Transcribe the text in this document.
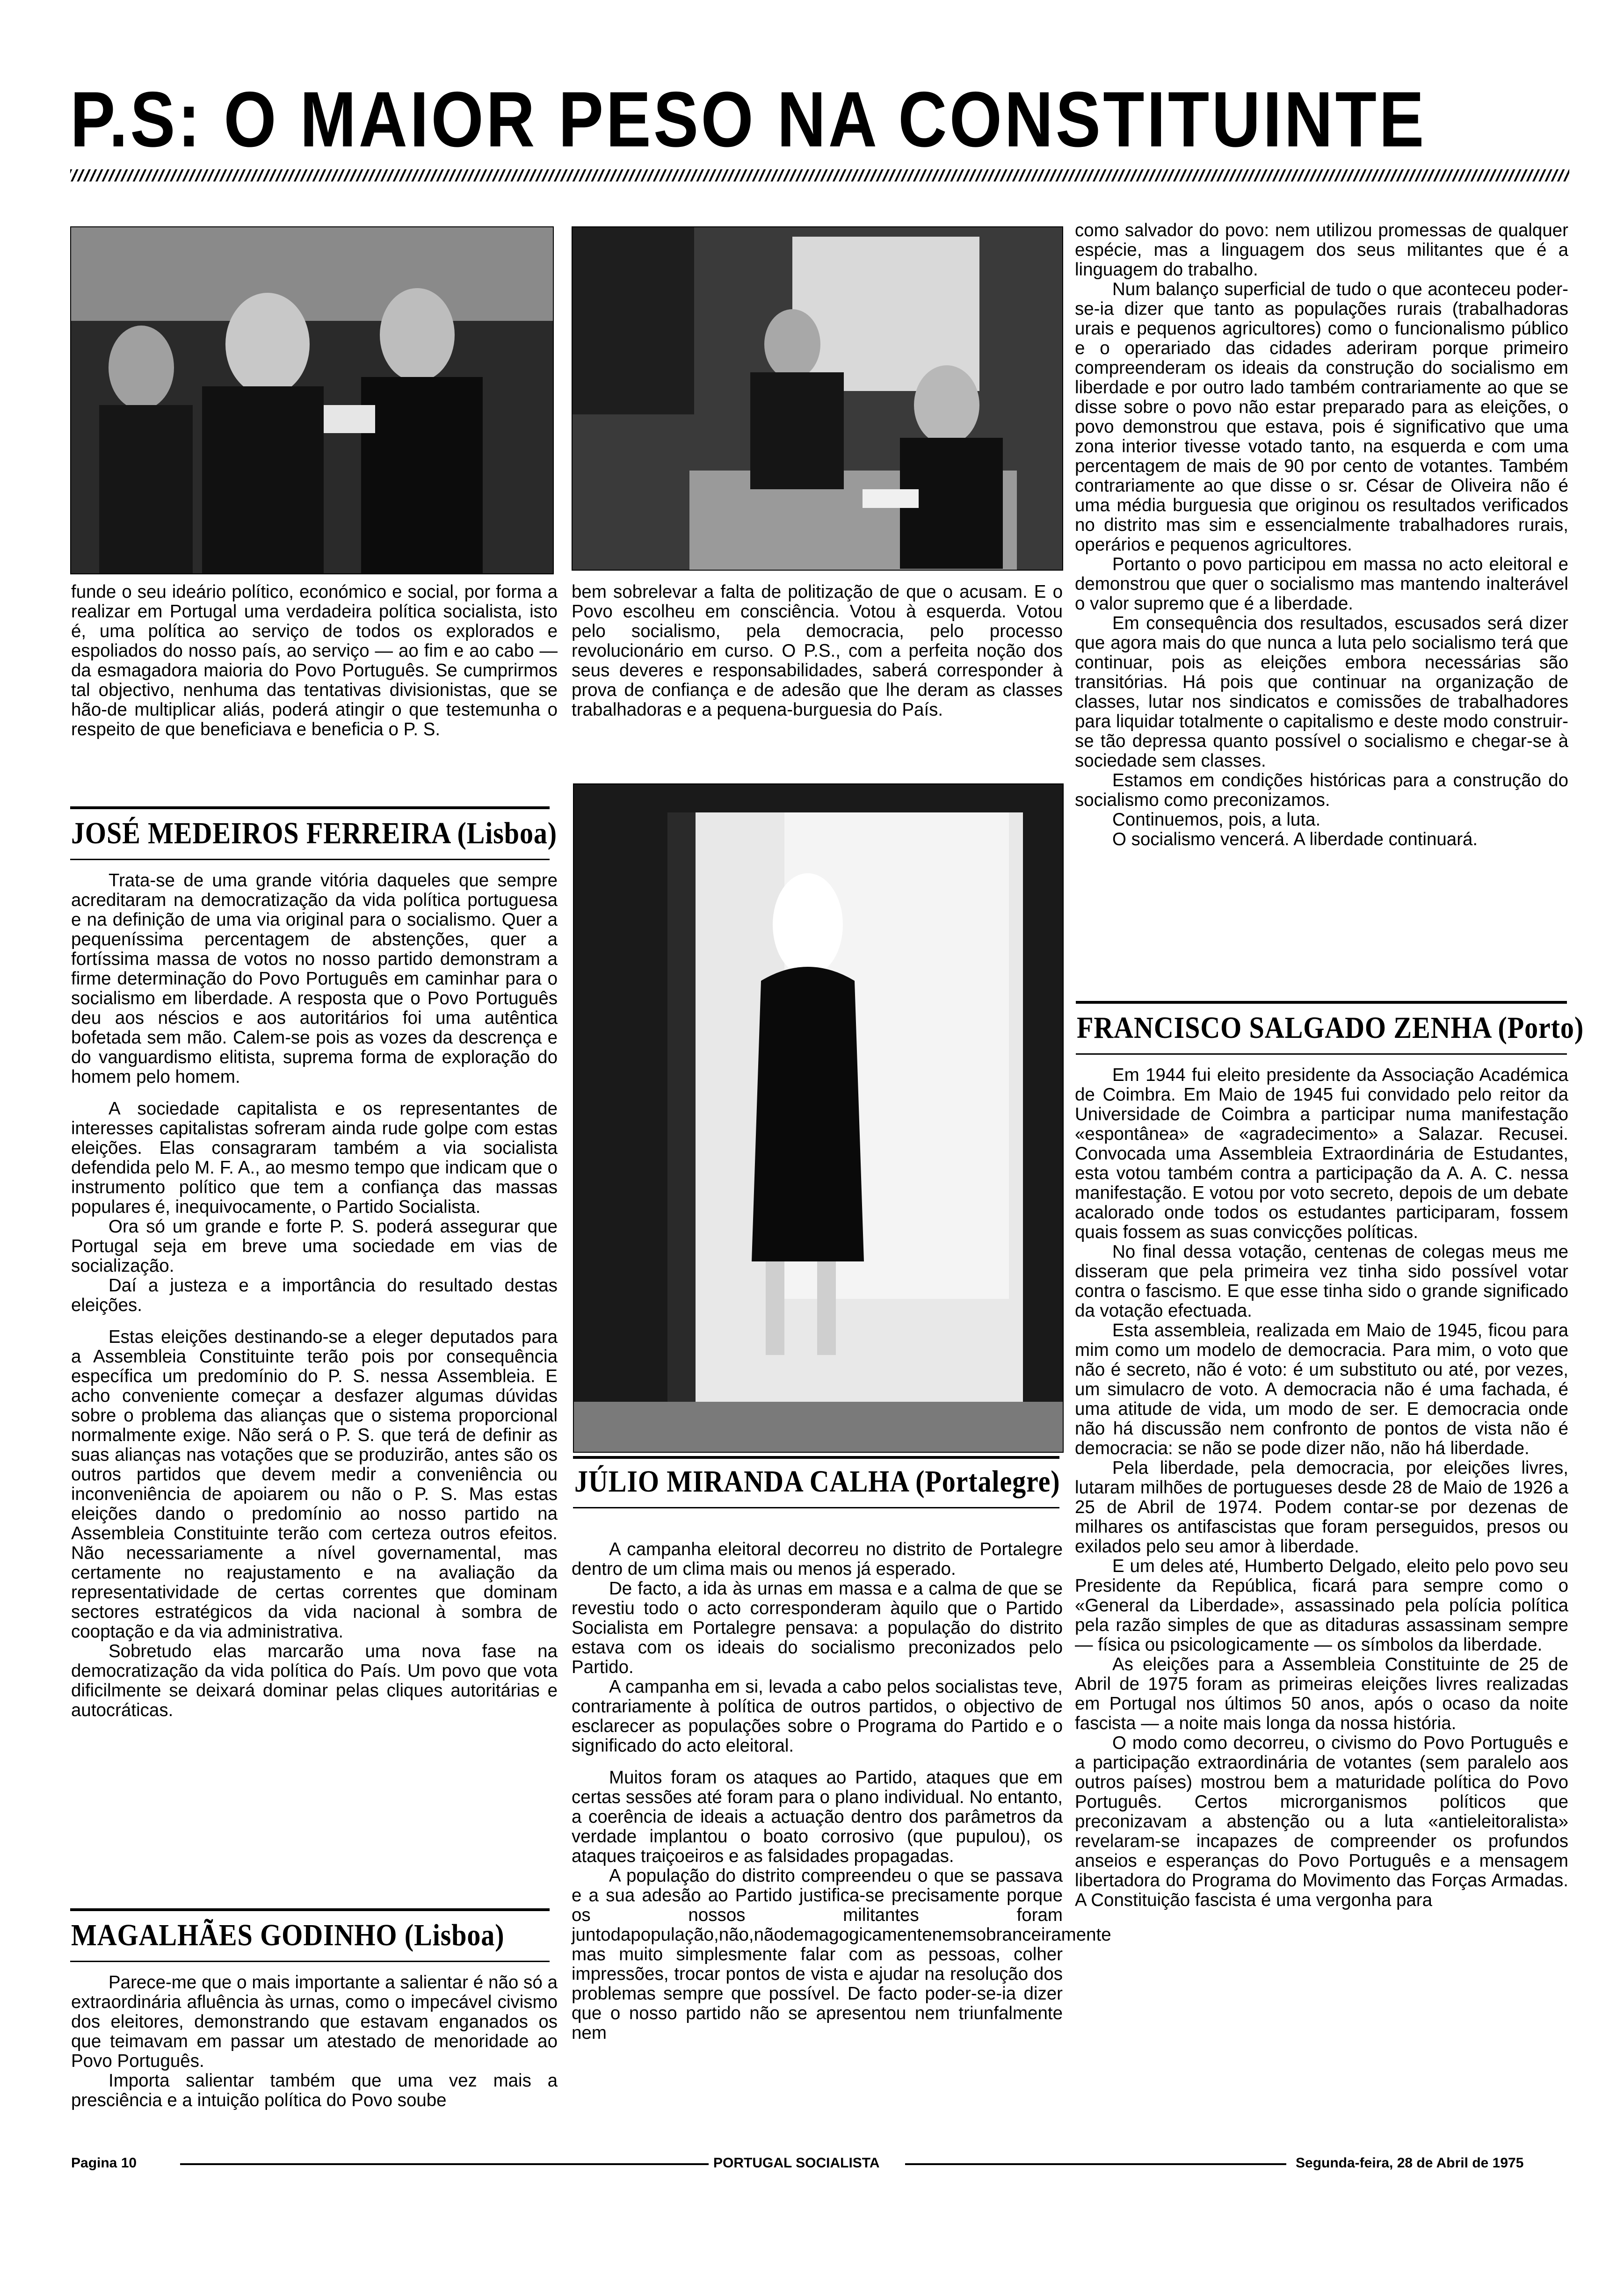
P.S: O MAIOR PESO NA CONSTITUINTE

funde o seu ideário político, económico e social, por forma a realizar em Portugal uma verdadeira política socialista, isto é, uma política ao serviço de todos os explorados e espoliados do nosso país, ao serviço — ao fim e ao cabo — da esmagadora maioria do Povo Português. Se cumprirmos tal objectivo, nenhuma das tentativas divisionistas, que se hão-de multiplicar aliás, poderá atingir o que testemunha o respeito de que beneficiava e beneficia o P. S.

JOSÉ MEDEIROS FERREIRA (Lisboa)

Trata-se de uma grande vitória daqueles que sempre acreditaram na democratização da vida política portuguesa e na definição de uma via original para o socialismo. Quer a pequeníssima percentagem de abstenções, quer a fortíssima massa de votos no nosso partido demonstram a firme determinação do Povo Português em caminhar para o socialismo em liberdade. A resposta que o Povo Português deu aos néscios e aos autoritários foi uma autêntica bofetada sem mão. Calem-se pois as vozes da descrença e do vanguardismo elitista, suprema forma de exploração do homem pelo homem.

A sociedade capitalista e os representantes de interesses capitalistas sofreram ainda rude golpe com estas eleições. Elas consagraram também a via socialista defendida pelo M. F. A., ao mesmo tempo que indicam que o instrumento político que tem a confiança das massas populares é, inequivocamente, o Partido Socialista.

Ora só um grande e forte P. S. poderá assegurar que Portugal seja em breve uma sociedade em vias de socialização.

Daí a justeza e a importância do resultado destas eleições.

Estas eleições destinando-se a eleger deputados para a Assembleia Constituinte terão pois por consequência específica um predomínio do P. S. nessa Assembleia. E acho conveniente começar a desfazer algumas dúvidas sobre o problema das alianças que o sistema proporcional normalmente exige. Não será o P. S. que terá de definir as suas alianças nas votações que se produzirão, antes são os outros partidos que devem medir a conveniência ou inconveniência de apoiarem ou não o P. S. Mas estas eleições dando o predomínio ao nosso partido na Assembleia Constituinte terão com certeza outros efeitos. Não necessariamente a nível governamental, mas certamente no reajustamento e na avaliação da representatividade de certas correntes que dominam sectores estratégicos da vida nacional à sombra de cooptação e da via administrativa.

Sobretudo elas marcarão uma nova fase na democratização da vida política do País. Um povo que vota dificilmente se deixará dominar pelas cliques autoritárias e autocráticas.

MAGALHÃES GODINHO (Lisboa)

Parece-me que o mais importante a salientar é não só a extraordinária afluência às urnas, como o impecável civismo dos eleitores, demonstrando que estavam enganados os que teimavam em passar um atestado de menoridade ao Povo Português.

Importa salientar também que uma vez mais a presciência e a intuição política do Povo soube

bem sobrelevar a falta de politização de que o acusam. E o Povo escolheu em consciência. Votou à esquerda. Votou pelo socialismo, pela democracia, pelo processo revolucionário em curso. O P.S., com a perfeita noção dos seus deveres e responsabilidades, saberá corresponder à prova de confiança e de adesão que lhe deram as classes trabalhadoras e a pequena-burguesia do País.

JÚLIO MIRANDA CALHA (Portalegre)

A campanha eleitoral decorreu no distrito de Portalegre dentro de um clima mais ou menos já esperado.

De facto, a ida às urnas em massa e a calma de que se revestiu todo o acto corresponderam àquilo que o Partido Socialista em Portalegre pensava: a população do distrito estava com os ideais do socialismo preconizados pelo Partido.

A campanha em si, levada a cabo pelos socialistas teve, contrariamente à política de outros partidos, o objectivo de esclarecer as populações sobre o Programa do Partido e o significado do acto eleitoral.

Muitos foram os ataques ao Partido, ataques que em certas sessões até foram para o plano individual. No entanto, a coerência de ideais a actuação dentro dos parâmetros da verdade implantou o boato corrosivo (que pupulou), os ataques traiçoeiros e as falsidades propagadas.

A população do distrito compreendeu o que se passava e a sua adesão ao Partido justifica-se precisamente porque os nossos militantes foram juntodapopulação,não,nãodemagogicamentenemsobranceiramente mas muito simplesmente falar com as pessoas, colher impressões, trocar pontos de vista e ajudar na resolução dos problemas sempre que possível. De facto poder-se-ia dizer que o nosso partido não se apresentou nem triunfalmente nem

como salvador do povo: nem utilizou promessas de qualquer espécie, mas a linguagem dos seus militantes que é a linguagem do trabalho.

Num balanço superficial de tudo o que aconteceu poder-se-ia dizer que tanto as populações rurais (trabalhadoras urais e pequenos agricultores) como o funcionalismo público e o operariado das cidades aderiram porque primeiro compreenderam os ideais da construção do socialismo em liberdade e por outro lado também contrariamente ao que se disse sobre o povo não estar preparado para as eleições, o povo demonstrou que estava, pois é significativo que uma zona interior tivesse votado tanto, na esquerda e com uma percentagem de mais de 90 por cento de votantes. Também contrariamente ao que disse o sr. César de Oliveira não é uma média burguesia que originou os resultados verificados no distrito mas sim e essencialmente trabalhadores rurais, operários e pequenos agricultores.

Portanto o povo participou em massa no acto eleitoral e demonstrou que quer o socialismo mas mantendo inalterável o valor supremo que é a liberdade.

Em consequência dos resultados, escusados será dizer que agora mais do que nunca a luta pelo socialismo terá que continuar, pois as eleições embora necessárias são transitórias. Há pois que continuar na organização de classes, lutar nos sindicatos e comissões de trabalhadores para liquidar totalmente o capitalismo e deste modo construir-se tão depressa quanto possível o socialismo e chegar-se à sociedade sem classes.

Estamos em condições históricas para a construção do socialismo como preconizamos.

Continuemos, pois, a luta.

O socialismo vencerá. A liberdade continuará.

FRANCISCO SALGADO ZENHA (Porto)

Em 1944 fui eleito presidente da Associação Académica de Coimbra. Em Maio de 1945 fui convidado pelo reitor da Universidade de Coimbra a participar numa manifestação «espontânea» de «agradecimento» a Salazar. Recusei. Convocada uma Assembleia Extraordinária de Estudantes, esta votou também contra a participação da A. A. C. nessa manifestação. E votou por voto secreto, depois de um debate acalorado onde todos os estudantes participaram, fossem quais fossem as suas convicções políticas.

No final dessa votação, centenas de colegas meus me disseram que pela primeira vez tinha sido possível votar contra o fascismo. E que esse tinha sido o grande significado da votação efectuada.

Esta assembleia, realizada em Maio de 1945, ficou para mim como um modelo de democracia. Para mim, o voto que não é secreto, não é voto: é um substituto ou até, por vezes, um simulacro de voto. A democracia não é uma fachada, é uma atitude de vida, um modo de ser. E democracia onde não há discussão nem confronto de pontos de vista não é democracia: se não se pode dizer não, não há liberdade.

Pela liberdade, pela democracia, por eleições livres, lutaram milhões de portugueses desde 28 de Maio de 1926 a 25 de Abril de 1974. Podem contar-se por dezenas de milhares os antifascistas que foram perseguidos, presos ou exilados pelo seu amor à liberdade.

E um deles até, Humberto Delgado, eleito pelo povo seu Presidente da República, ficará para sempre como o «General da Liberdade», assassinado pela polícia política pela razão simples de que as ditaduras assassinam sempre — física ou psicologicamente — os símbolos da liberdade.

As eleições para a Assembleia Constituinte de 25 de Abril de 1975 foram as primeiras eleições livres realizadas em Portugal nos últimos 50 anos, após o ocaso da noite fascista — a noite mais longa da nossa história.

O modo como decorreu, o civismo do Povo Português e a participação extraordinária de votantes (sem paralelo aos outros países) mostrou bem a maturidade política do Povo Português. Certos microrganismos políticos que preconizavam a abstenção ou a luta «antieleitoralista» revelaram-se incapazes de compreender os profundos anseios e esperanças do Povo Português e a mensagem libertadora do Programa do Movimento das Forças Armadas. A Constituição fascista é uma vergonha para

Pagina 10	PORTUGAL SOCIALISTA	Segunda-feira, 28 de Abril de 1975
